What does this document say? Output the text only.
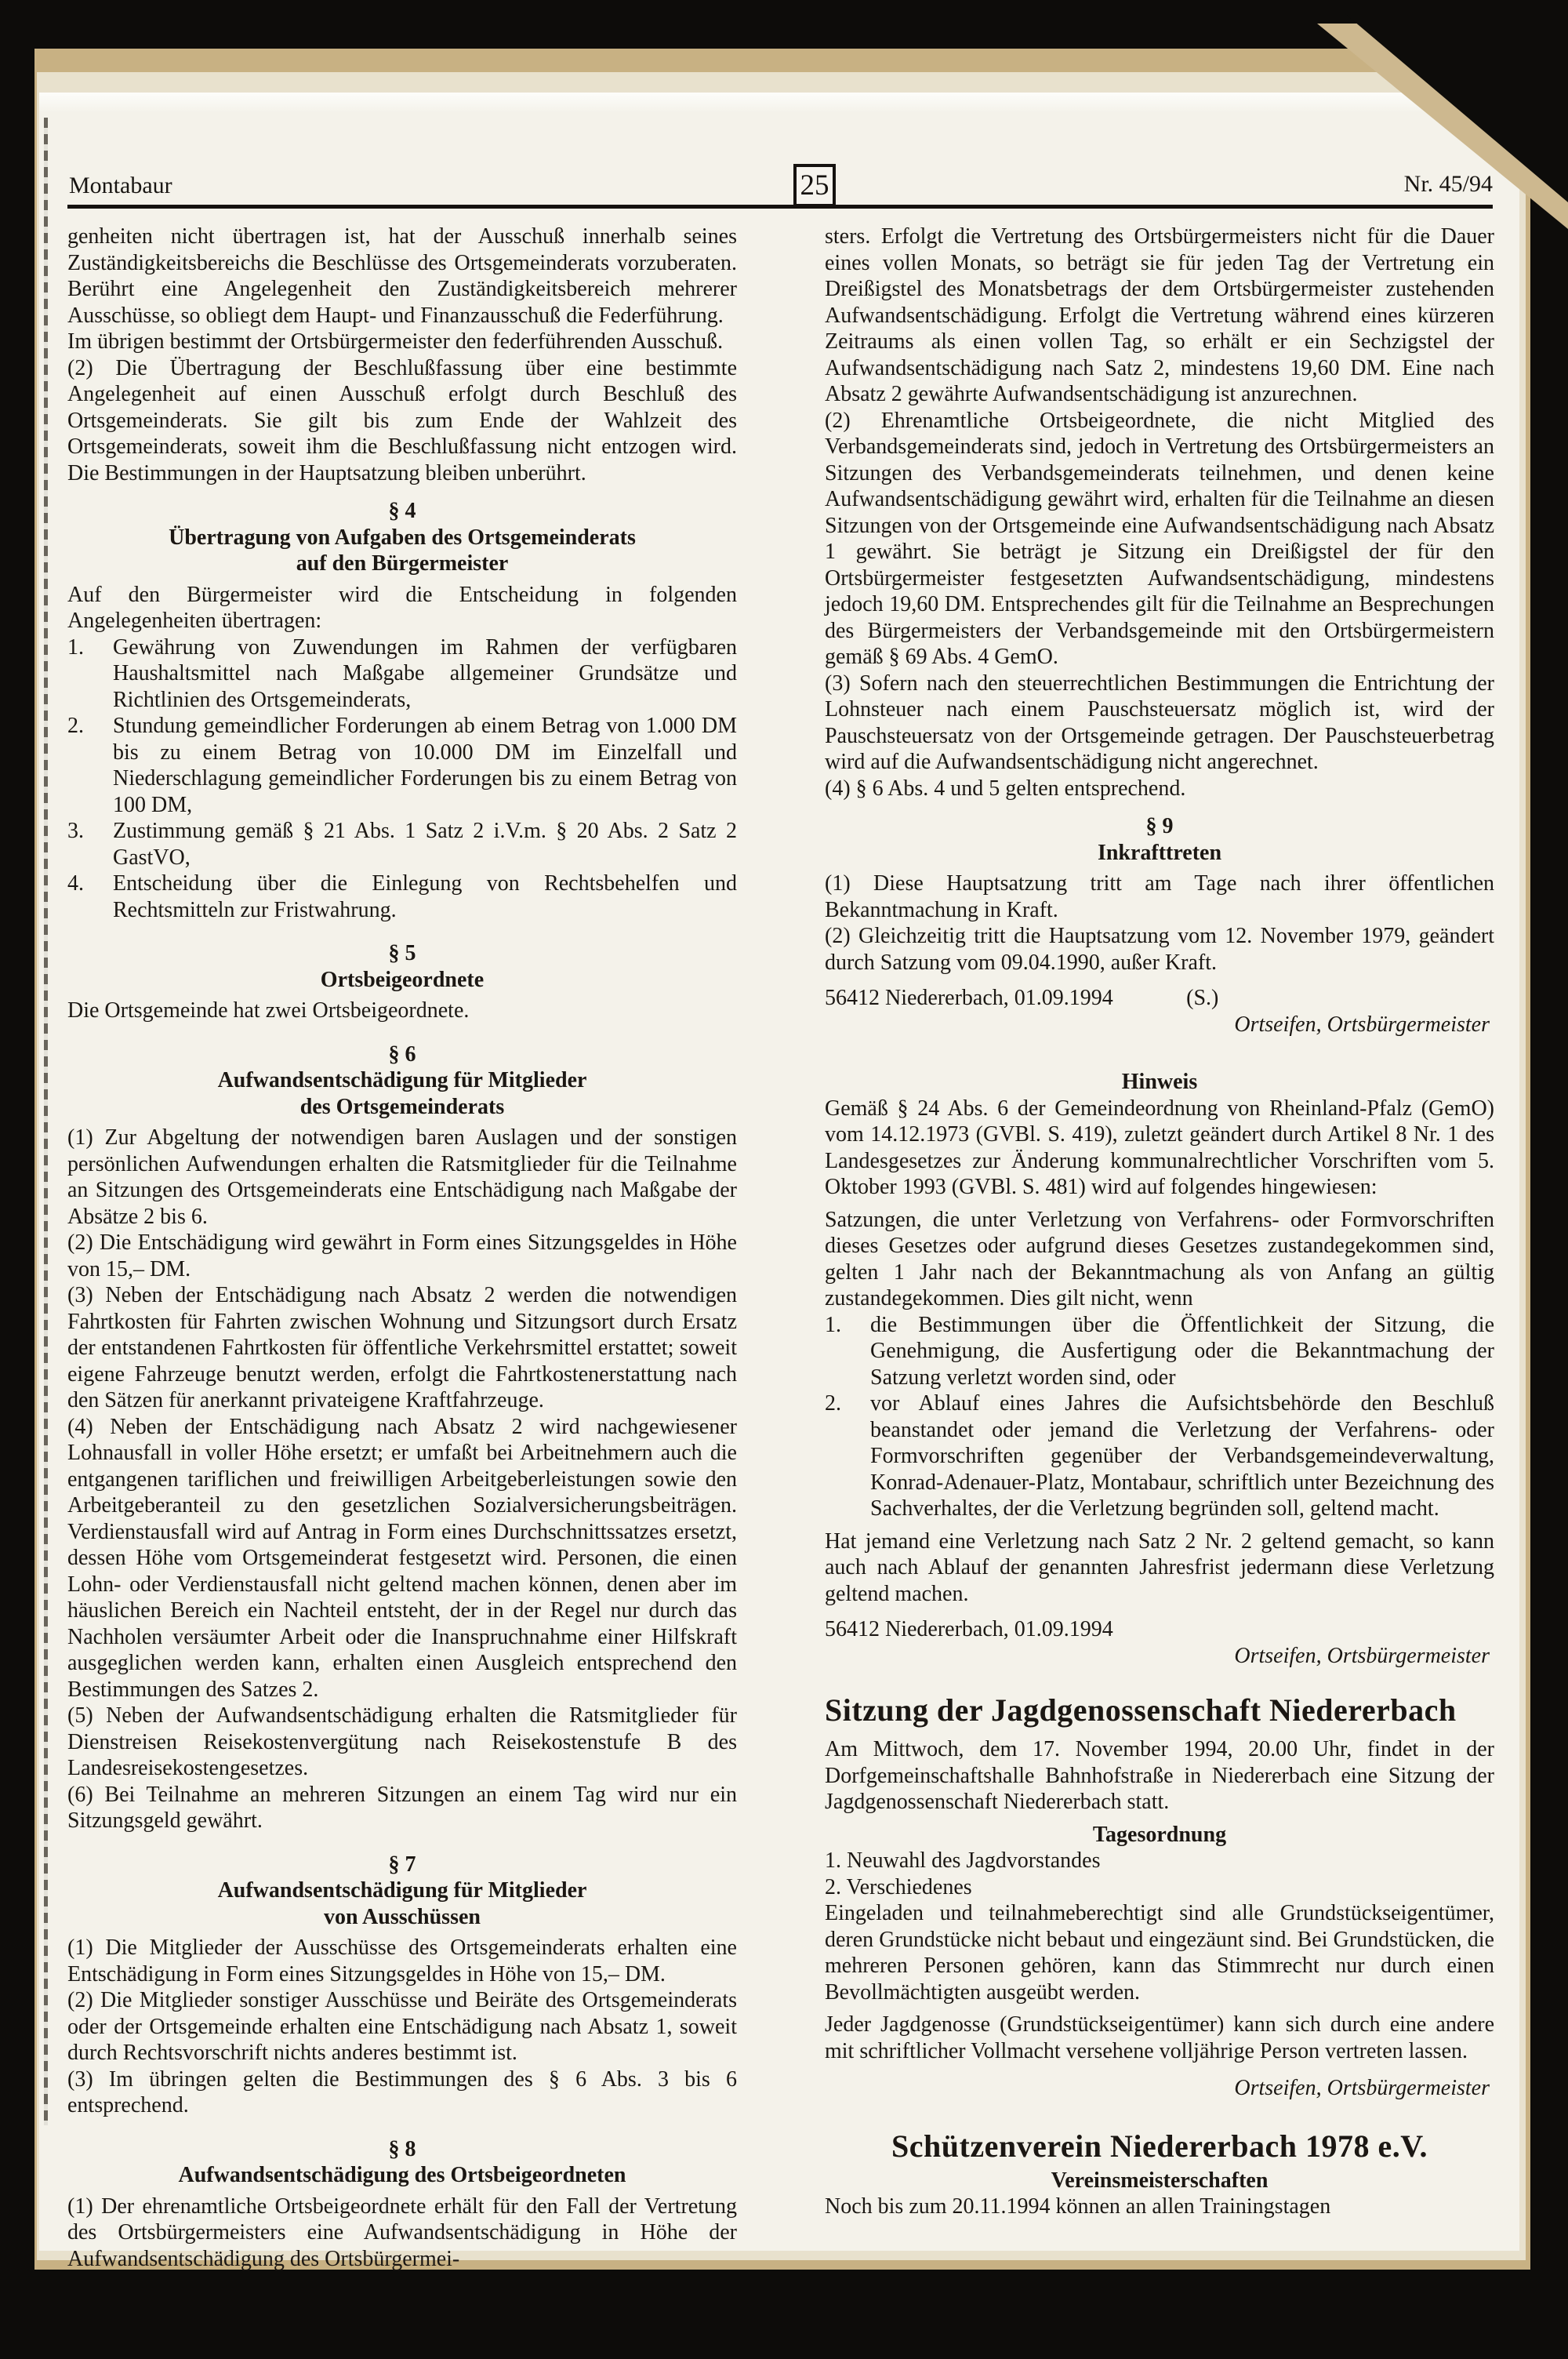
Montabaur	Nr. 45/94
25

genheiten nicht übertragen ist, hat der Ausschuß innerhalb seines Zuständigkeitsbereichs die Beschlüsse des Ortsgemeinderats vorzuberaten. Berührt eine Angelegenheit den Zuständigkeitsbereich mehrerer Ausschüsse, so obliegt dem Haupt- und Finanzausschuß die Federführung.

Im übrigen bestimmt der Ortsbürgermeister den federführenden Ausschuß.

(2) Die Übertragung der Beschlußfassung über eine bestimmte Angelegenheit auf einen Ausschuß erfolgt durch Beschluß des Ortsgemeinderats. Sie gilt bis zum Ende der Wahlzeit des Ortsgemeinderats, soweit ihm die Beschlußfassung nicht entzogen wird. Die Bestimmungen in der Hauptsatzung bleiben unberührt.

§ 4
Übertragung von Aufgaben des Ortsgemeinderats
auf den Bürgermeister

Auf den Bürgermeister wird die Entscheidung in folgenden Angelegenheiten übertragen:

1.	Gewährung von Zuwendungen im Rahmen der verfügbaren Haushaltsmittel nach Maßgabe allgemeiner Grundsätze und Richtlinien des Ortsgemeinderats,
2.	Stundung gemeindlicher Forderungen ab einem Betrag von 1.000 DM bis zu einem Betrag von 10.000 DM im Einzelfall und Niederschlagung gemeindlicher Forderungen bis zu einem Betrag von 100 DM,
3.	Zustimmung gemäß § 21 Abs. 1 Satz 2 i.V.m. § 20 Abs. 2 Satz 2 GastVO,
4.	Entscheidung über die Einlegung von Rechtsbehelfen und Rechtsmitteln zur Fristwahrung.
§ 5
Ortsbeigeordnete

Die Ortsgemeinde hat zwei Ortsbeigeordnete.

§ 6
Aufwandsentschädigung für Mitglieder
des Ortsgemeinderats

(1) Zur Abgeltung der notwendigen baren Auslagen und der sonstigen persönlichen Aufwendungen erhalten die Ratsmitglieder für die Teilnahme an Sitzungen des Ortsgemeinderats eine Entschädigung nach Maßgabe der Absätze 2 bis 6.

(2) Die Entschädigung wird gewährt in Form eines Sitzungsgeldes in Höhe von 15,– DM.

(3) Neben der Entschädigung nach Absatz 2 werden die notwendigen Fahrtkosten für Fahrten zwischen Wohnung und Sitzungsort durch Ersatz der entstandenen Fahrtkosten für öffentliche Verkehrsmittel erstattet; soweit eigene Fahrzeuge benutzt werden, erfolgt die Fahrtkostenerstattung nach den Sätzen für anerkannt privateigene Kraftfahrzeuge.

(4) Neben der Entschädigung nach Absatz 2 wird nachgewiesener Lohnausfall in voller Höhe ersetzt; er umfaßt bei Arbeitnehmern auch die entgangenen tariflichen und freiwilligen Arbeitgeberleistungen sowie den Arbeitgeberanteil zu den gesetzlichen Sozialversicherungsbeiträgen. Verdienstausfall wird auf Antrag in Form eines Durchschnittssatzes ersetzt, dessen Höhe vom Ortsgemeinderat festgesetzt wird. Personen, die einen Lohn- oder Verdienstausfall nicht geltend machen können, denen aber im häuslichen Bereich ein Nachteil entsteht, der in der Regel nur durch das Nachholen versäumter Arbeit oder die Inanspruchnahme einer Hilfskraft ausgeglichen werden kann, erhalten einen Ausgleich entsprechend den Bestimmungen des Satzes 2.

(5) Neben der Aufwandsentschädigung erhalten die Ratsmitglieder für Dienstreisen Reisekostenvergütung nach Reisekostenstufe B des Landesreisekostengesetzes.

(6) Bei Teilnahme an mehreren Sitzungen an einem Tag wird nur ein Sitzungsgeld gewährt.

§ 7
Aufwandsentschädigung für Mitglieder
von Ausschüssen

(1) Die Mitglieder der Ausschüsse des Ortsgemeinderats erhalten eine Entschädigung in Form eines Sitzungsgeldes in Höhe von 15,– DM.

(2) Die Mitglieder sonstiger Ausschüsse und Beiräte des Ortsgemeinderats oder der Ortsgemeinde erhalten eine Entschädigung nach Absatz 1, soweit durch Rechtsvorschrift nichts anderes bestimmt ist.

(3) Im übringen gelten die Bestimmungen des § 6 Abs. 3 bis 6 entsprechend.

§ 8
Aufwandsentschädigung des Ortsbeigeordneten

(1) Der ehrenamtliche Ortsbeigeordnete erhält für den Fall der Vertretung des Ortsbürgermeisters eine Aufwandsentschädigung in Höhe der Aufwandsentschädigung des Ortsbürgermei-

sters. Erfolgt die Vertretung des Ortsbürgermeisters nicht für die Dauer eines vollen Monats, so beträgt sie für jeden Tag der Vertretung ein Dreißigstel des Monatsbetrags der dem Ortsbürgermeister zustehenden Aufwandsentschädigung. Erfolgt die Vertretung während eines kürzeren Zeitraums als einen vollen Tag, so erhält er ein Sechzigstel der Aufwandsentschädigung nach Satz 2, mindestens 19,60 DM. Eine nach Absatz 2 gewährte Aufwandsentschädigung ist anzurechnen.

(2) Ehrenamtliche Ortsbeigeordnete, die nicht Mitglied des Verbandsgemeinderats sind, jedoch in Vertretung des Ortsbürgermeisters an Sitzungen des Verbandsgemeinderats teilnehmen, und denen keine Aufwandsentschädigung gewährt wird, erhalten für die Teilnahme an diesen Sitzungen von der Ortsgemeinde eine Aufwandsentschädigung nach Absatz 1 gewährt. Sie beträgt je Sitzung ein Dreißigstel der für den Ortsbürgermeister festgesetzten Aufwandsentschädigung, mindestens jedoch 19,60 DM. Entsprechendes gilt für die Teilnahme an Besprechungen des Bürgermeisters der Verbandsgemeinde mit den Ortsbürgermeistern gemäß § 69 Abs. 4 GemO.

(3) Sofern nach den steuerrechtlichen Bestimmungen die Entrichtung der Lohnsteuer nach einem Pauschsteuersatz möglich ist, wird der Pauschsteuersatz von der Ortsgemeinde getragen. Der Pauschsteuerbetrag wird auf die Aufwandsentschädigung nicht angerechnet.

(4) § 6 Abs. 4 und 5 gelten entsprechend.

§ 9
Inkrafttreten

(1) Diese Hauptsatzung tritt am Tage nach ihrer öffentlichen Bekanntmachung in Kraft.

(2) Gleichzeitig tritt die Hauptsatzung vom 12. November 1979, geändert durch Satzung vom 09.04.1990, außer Kraft.

56412 Niedererbach, 01.09.1994	(S.)
Ortseifen, Ortsbürgermeister
Hinweis

Gemäß § 24 Abs. 6 der Gemeindeordnung von Rheinland-Pfalz (GemO) vom 14.12.1973 (GVBl. S. 419), zuletzt geändert durch Artikel 8 Nr. 1 des Landesgesetzes zur Änderung kommunalrechtlicher Vorschriften vom 5. Oktober 1993 (GVBl. S. 481) wird auf folgendes hingewiesen:

Satzungen, die unter Verletzung von Verfahrens- oder Formvorschriften dieses Gesetzes oder aufgrund dieses Gesetzes zustandegekommen sind, gelten 1 Jahr nach der Bekanntmachung als von Anfang an gültig zustandegekommen. Dies gilt nicht, wenn

1.	die Bestimmungen über die Öffentlichkeit der Sitzung, die Genehmigung, die Ausfertigung oder die Bekanntmachung der Satzung verletzt worden sind, oder
2.	vor Ablauf eines Jahres die Aufsichtsbehörde den Beschluß beanstandet oder jemand die Verletzung der Verfahrens- oder Formvorschriften gegenüber der Verbandsgemeindeverwaltung, Konrad-Adenauer-Platz, Montabaur, schriftlich unter Bezeichnung des Sachverhaltes, der die Verletzung begründen soll, geltend macht.

Hat jemand eine Verletzung nach Satz 2 Nr. 2 geltend gemacht, so kann auch nach Ablauf der genannten Jahresfrist jedermann diese Verletzung geltend machen.

56412 Niedererbach, 01.09.1994
Ortseifen, Ortsbürgermeister
Sitzung der Jagdgenossenschaft Niedererbach

Am Mittwoch, dem 17. November 1994, 20.00 Uhr, findet in der Dorfgemeinschaftshalle Bahnhofstraße in Niedererbach eine Sitzung der Jagdgenossenschaft Niedererbach statt.

Tagesordnung

1. Neuwahl des Jagdvorstandes

2. Verschiedenes

Eingeladen und teilnahmeberechtigt sind alle Grundstückseigentümer, deren Grundstücke nicht bebaut und eingezäunt sind. Bei Grundstücken, die mehreren Personen gehören, kann das Stimmrecht nur durch einen Bevollmächtigten ausgeübt werden.

Jeder Jagdgenosse (Grundstückseigentümer) kann sich durch eine andere mit schriftlicher Vollmacht versehene volljährige Person vertreten lassen.

Ortseifen, Ortsbürgermeister
Schützenverein Niedererbach 1978 e.V.
Vereinsmeisterschaften

Noch bis zum 20.11.1994 können an allen Trainingstagen
